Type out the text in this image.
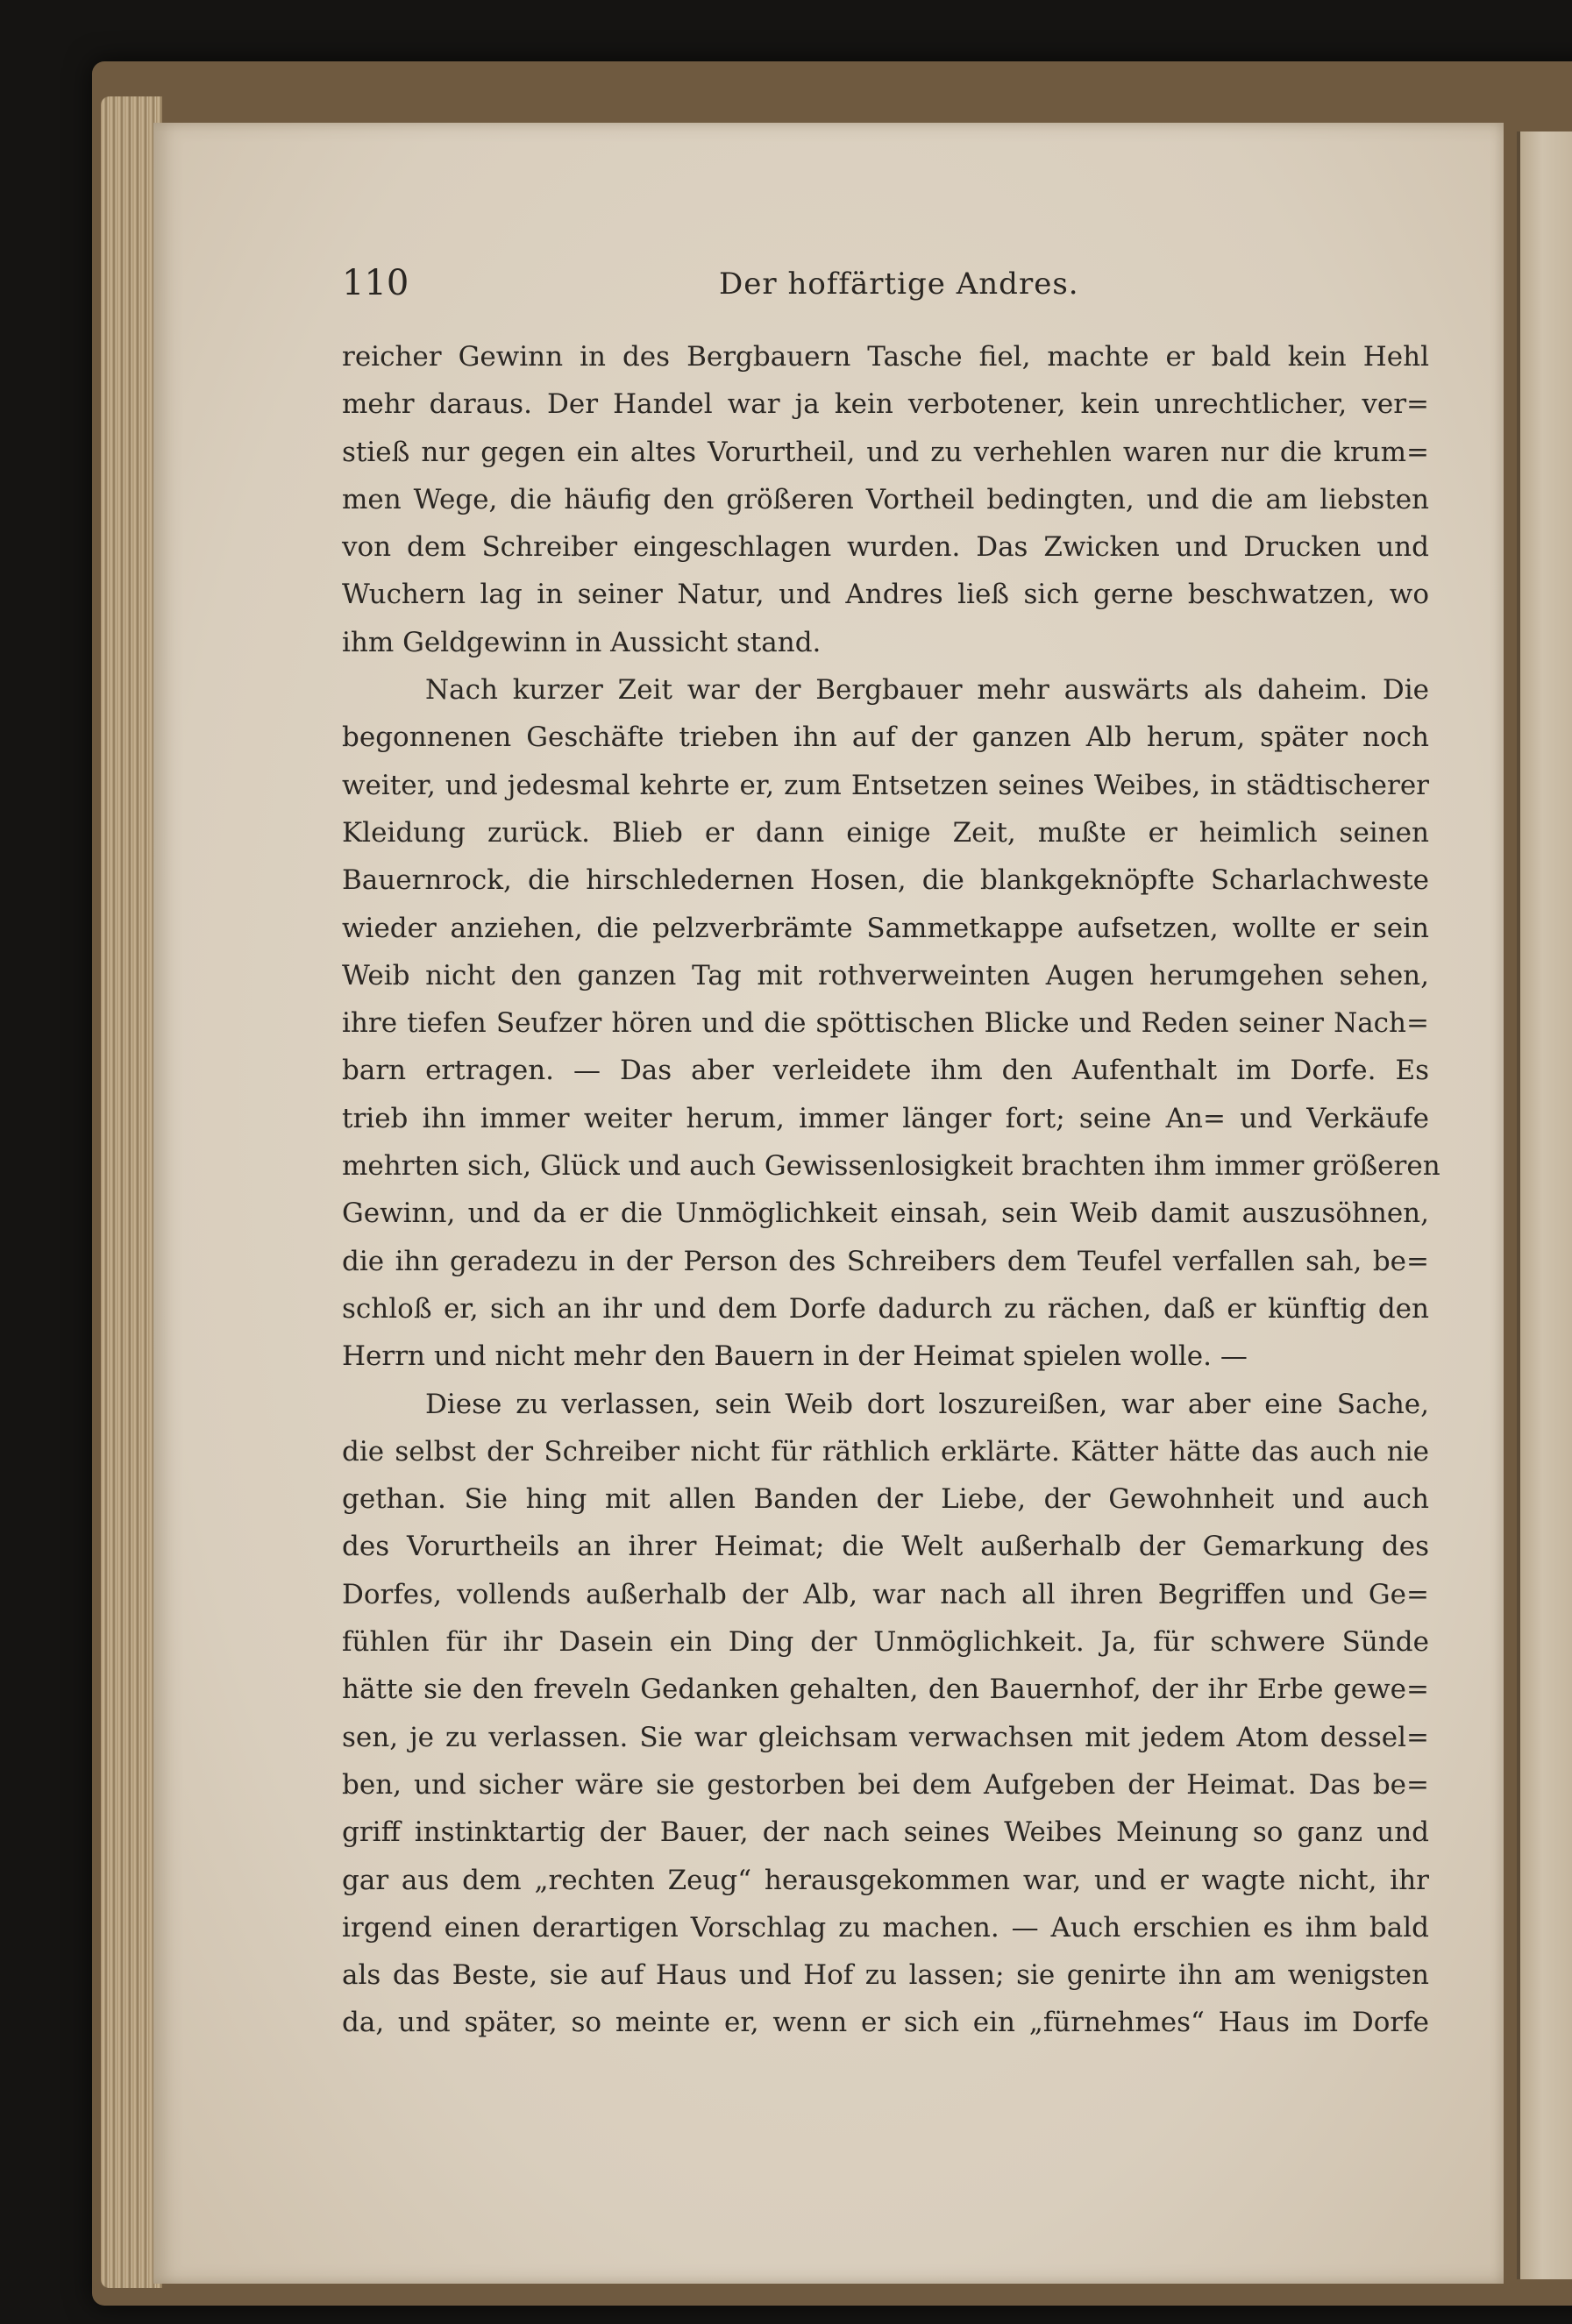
110	Der hoffärtige Andres.

reicher Gewinn in des Bergbauern Tasche fiel, machte er bald kein Hehl
mehr daraus. Der Handel war ja kein verbotener, kein unrechtlicher, ver=
stieß nur gegen ein altes Vorurtheil, und zu verhehlen waren nur die krum=
men Wege, die häufig den größeren Vortheil bedingten, und die am liebsten
von dem Schreiber eingeschlagen wurden. Das Zwicken und Drucken und
Wuchern lag in seiner Natur, und Andres ließ sich gerne beschwatzen, wo
ihm Geldgewinn in Aussicht stand.

Nach kurzer Zeit war der Bergbauer mehr auswärts als daheim. Die
begonnenen Geschäfte trieben ihn auf der ganzen Alb herum, später noch
weiter, und jedesmal kehrte er, zum Entsetzen seines Weibes, in städtischerer
Kleidung zurück. Blieb er dann einige Zeit, mußte er heimlich seinen
Bauernrock, die hirschledernen Hosen, die blankgeknöpfte Scharlachweste
wieder anziehen, die pelzverbrämte Sammetkappe aufsetzen, wollte er sein
Weib nicht den ganzen Tag mit rothverweinten Augen herumgehen sehen,
ihre tiefen Seufzer hören und die spöttischen Blicke und Reden seiner Nach=
barn ertragen. — Das aber verleidete ihm den Aufenthalt im Dorfe. Es
trieb ihn immer weiter herum, immer länger fort; seine An= und Verkäufe
mehrten sich, Glück und auch Gewissenlosigkeit brachten ihm immer größeren
Gewinn, und da er die Unmöglichkeit einsah, sein Weib damit auszusöhnen,
die ihn geradezu in der Person des Schreibers dem Teufel verfallen sah, be=
schloß er, sich an ihr und dem Dorfe dadurch zu rächen, daß er künftig den
Herrn und nicht mehr den Bauern in der Heimat spielen wolle. —

Diese zu verlassen, sein Weib dort loszureißen, war aber eine Sache,
die selbst der Schreiber nicht für räthlich erklärte. Kätter hätte das auch nie
gethan. Sie hing mit allen Banden der Liebe, der Gewohnheit und auch
des Vorurtheils an ihrer Heimat; die Welt außerhalb der Gemarkung des
Dorfes, vollends außerhalb der Alb, war nach all ihren Begriffen und Ge=
fühlen für ihr Dasein ein Ding der Unmöglichkeit. Ja, für schwere Sünde
hätte sie den freveln Gedanken gehalten, den Bauernhof, der ihr Erbe gewe=
sen, je zu verlassen. Sie war gleichsam verwachsen mit jedem Atom dessel=
ben, und sicher wäre sie gestorben bei dem Aufgeben der Heimat. Das be=
griff instinktartig der Bauer, der nach seines Weibes Meinung so ganz und
gar aus dem „rechten Zeug“ herausgekommen war, und er wagte nicht, ihr
irgend einen derartigen Vorschlag zu machen. — Auch erschien es ihm bald
als das Beste, sie auf Haus und Hof zu lassen; sie genirte ihn am wenigsten
da, und später, so meinte er, wenn er sich ein „fürnehmes“ Haus im Dorfe
